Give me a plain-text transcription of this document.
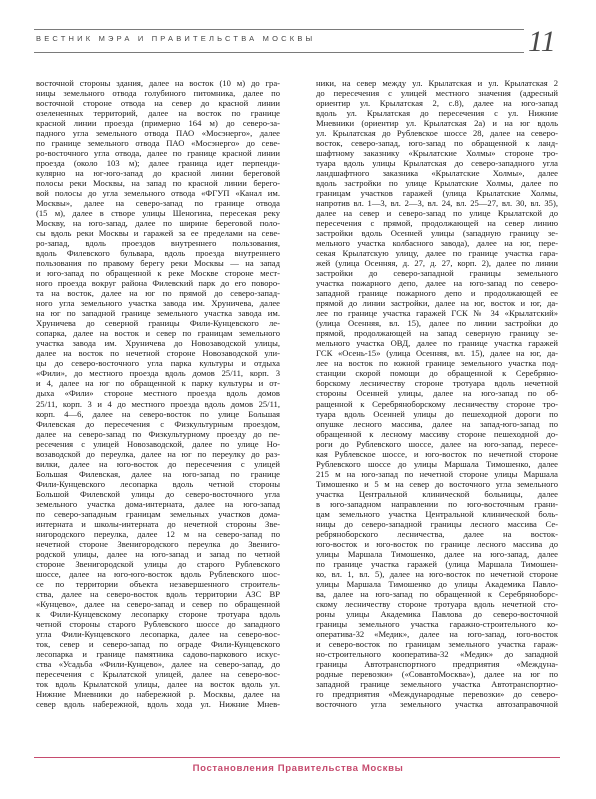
ВЕСТНИК МЭРА И ПРАВИТЕЛЬСТВА МОСКВЫ	11
восточной стороны здания, далее на восток (10 м) до гра-
ницы земельного отвода голубиного питомника, далее по
восточной стороне отвода на север до красной линии
озелененных территорий, далее на восток по границе
красной линии проезда (примерно 164 м) до северо-за-
падного угла земельного отвода ПАО «Мосэнерго», далее
по границе земельного отвода ПАО «Мосэнерго» до севе-
ро-восточного угла отвода, далее по границе красной линии
проезда (около 103 м); далее граница идет перпенди-
кулярно на юг-юго-запад до красной линии береговой
полосы реки Москвы, на запад по красной линии берего-
вой полосы до угла земельного отвода «ФГУП «Канал им.
Москвы», далее на северо-запад по границе отвода
(15 м), далее в створе улицы Шеногина, пересекая реку
Москву, на юго-запад, далее по ширине береговой поло-
сы вдоль реки Москвы и гаражей за ее пределами на севе-
ро-запад, вдоль проездов внутреннего пользования,
вдоль Филевского бульвара, вдоль проезда внутреннего
пользования по правому берегу реки Москвы — на запад
и юго-запад по обращенной к реке Москве стороне мест-
ного проезда вокруг района Филевский парк до его поворо-
та на восток, далее на юг по прямой до северо-запад-
ного угла земельного участка завода им. Хруничева, далее
на юг по западной границе земельного участка завода им.
Хруничева до северной границы Фили-Кунцевского ле-
сопарка, далее на восток и север по границам земельного
участка завода им. Хруничева до Новозаводской улицы,
далее на восток по нечетной стороне Новозаводской ули-
цы до северо-восточного угла парка культуры и отдыха
«Фили», до местного проезда вдоль домов 25/11, корп. 3
и 4, далее на юг по обращенной к парку культуры и от-
дыха «Фили» стороне местного проезда вдоль домов
25/11, корп. 3 и 4 до местного проезда вдоль домов 25/11,
корп. 4—6, далее на северо-восток по улице Большая
Филевская до пересечения с Физкультурным проездом,
далее на северо-запад по Физкультурному проезду до пе-
ресечения с улицей Новозаводской, далее по улице Но-
возаводской до переулка, далее на юг по переулку до раз-
вилки, далее на юго-восток до пересечения с улицей
Большая Филевская, далее на юго-запад по границе
Фили-Кунцевского лесопарка вдоль четной стороны
Большой Филевской улицы до северо-восточного угла
земельного участка дома-интерната, далее на юго-запад
по северо-западным границам земельных участков дома-
интерната и школы-интерната до нечетной стороны Зве-
нигородского переулка, далее 12 м на северо-запад по
нечетной стороне Звенигородского переулка до Звениго-
родской улицы, далее на юго-запад и запад по четной
стороне Звенигородской улицы до старого Рублевского
шоссе, далее на юго-юго-восток вдоль Рублевского шос-
се по территории объекта незавершенного строитель-
ства, далее на северо-восток вдоль территории АЗС ВР
«Кунцево», далее на северо-запад и север по обращенной
к Фили-Кунцевскому лесопарку стороне тротуара вдоль
четной стороны старого Рублевского шоссе до западного
угла Фили-Кунцевского лесопарка, далее на северо-вос-
ток, север и северо-запад по ограде Фили-Кунцевского
лесопарка и границе памятника садово-паркового искус-
ства «Усадьба «Фили-Кунцево», далее на северо-запад, до
пересечения с Крылатской улицей, далее на северо-вос-
ток вдоль Крылатской улицы, далее на восток вдоль ул.
Нижние Мневники до набережной р. Москвы, далее на
север вдоль набережной, вдоль хода ул. Нижние Мнев-
ники, на север между ул. Крылатская и ул. Крылатская 2
до пересечения с улицей местного значения (адресный
ориентир ул. Крылатская 2, с.8), далее на юго-запад
вдоль ул. Крылатская до пересечения с ул. Нижние
Мневники (ориентир ул. Крылатская 2а) и на юг вдоль
ул. Крылатская до Рублевское шоссе 28, далее на северо-
восток, северо-запад, юго-запад по обращенной к ланд-
шафтному заказнику «Крылатские Холмы» стороне тро-
туара вдоль улицы Крылатская до северо-западного угла
ландшафтного заказника «Крылатские Холмы», далее
вдоль застройки по улице Крылатские Холмы, далее по
границам участков гаражей (улица Крылатские Холмы,
напротив вл. 1—3, вл. 2—3, вл. 24, вл. 25—27, вл. 30, вл. 35),
далее на север и северо-запад по улице Крылатской до
пересечения с прямой, продолжающей на север линию
застройки вдоль Осенней улицы (западную границу зе-
мельного участка колбасного завода), далее на юг, пере-
секая Крылатскую улицу, далее по границе участка гара-
жей (улица Осенняя, д. 27, д. 27, корп. 2), далее по линии
застройки до северо-западной границы земельного
участка пожарного депо, далее на юго-запад по северо-
западной границе пожарного депо и продолжающей ее
прямой до линии застройки, далее на юг, восток и юг, да-
лее по границе участка гаражей ГСК № 34 «Крылатский»
(улица Осенняя, вл. 15), далее по линии застройки до
прямой, продолжающей на запад северную границу зе-
мельного участка ОВД, далее по границе участка гаражей
ГСК «Осень-15» (улица Осенняя, вл. 15), далее на юг, да-
лее на восток по южной границе земельного участка под-
станции скорой помощи до обращенной к Серебряно-
борскому лесничеству стороне тротуара вдоль нечетной
стороны Осенней улицы, далее на юго-запад по об-
ращенной к Серебряноборскому лесничеству стороне тро-
туара вдоль Осенней улицы до пешеходной дороги по
опушке лесного массива, далее на запад-юго-запад по
обращенной к лесному массиву стороне пешеходной до-
роги до Рублевского шоссе, далее на юго-запад, пересе-
кая Рублевское шоссе, и юго-восток по нечетной стороне
Рублевского шоссе до улицы Маршала Тимошенко, далее
215 м на юго-запад по нечетной стороне улицы Маршала
Тимошенко и 5 м на север до восточного угла земельного
участка Центральной клинической больницы, далее
в юго-западном направлении по юго-восточным грани-
цам земельного участка Центральной клинической боль-
ницы до северо-западной границы лесного массива Се-
ребряноборского лесничества, далее на восток-
юго-восток и юго-восток по границе лесного массива до
улицы Маршала Тимошенко, далее на юго-запад, далее
по границе участка гаражей (улица Маршала Тимошен-
ко, вл. 1, вл. 5), далее на юго-восток по нечетной стороне
улицы Маршала Тимошенко до улицы Академика Павло-
ва, далее на юго-запад по обращенной к Серебряноборс-
скому лесничеству стороне тротуара вдоль нечетной сто-
роны улицы Академика Павлова до северо-восточной
границы земельного участка гаражно-строительного ко-
оператива-32 «Медик», далее на юго-запад, юго-восток
и северо-восток по границам земельного участка гараж-
но-строительного кооператива-32 «Медик» до западной
границы Автотранспортного предприятия «Междуна-
родные перевозки» («СовавтоМосква»), далее на юг по
западной границе земельного участка Автотранспортно-
го предприятия «Международные перевозки» до северо-
восточного угла земельного участка автозаправочной
Постановления Правительства Москвы
